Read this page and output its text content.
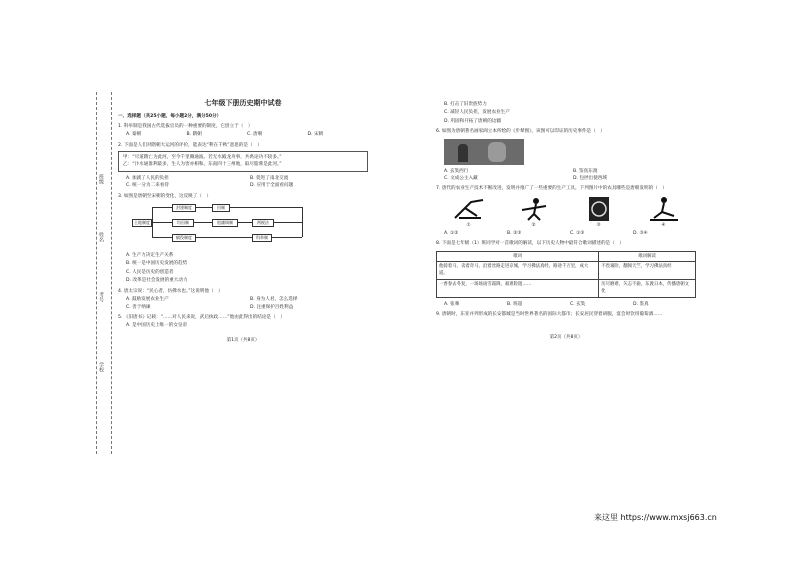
班级
姓名
考号
学校
七年级下册历史期中试卷
一、选择题（共25小题，每小题2分，满分50分）
1. 科举制是我国古代选拔官员的一种重要的制度，它创立于（　）
A. 秦朝	B. 隋朝	C. 唐朝	D. 宋朝
2. 下面是人们对隋朝大运河的评价，能表达“利在千秋”意思的是（　）
甲：“尽道隋亡为此河，至今千里赖通波。若无水殿龙舟事，共禹论功不较多。”
乙：“汴水通淮利最多，生人为害亦相和。东南四十三州地，取尽脂膏是此河。”
A. 加剧了人民的负担	B. 促进了南北交流
C. 统一分为二来看待	D. 应用于全面看问题
3. 如图是唐朝至宋朝的变化，这反映了（　）
土地制度
封建制度	田制
均田制	租庸调制	两税法
赋役制度	科举制
A. 生产力决定生产关系
B. 统一是中国历史发展的趋势
C. 人民是历史的创造者
D. 改革是社会发展的重大动力
4. 唐太宗说：“民心者，仿佛水也。”这说明他（　）
A. 鼓励发展农业生产	B. 身为人君，怎么选择
C. 善于纳谏	D. 注重保护百姓利益
5. 《旧唐书》记载：“……对人民来说，武后执政……”他由此得出的结论是（　）
A. 是中国历史上唯一的女皇帝
第1页（共8页）
B. 打击了旧贵族势力
C. 减轻人民负担，发展农业生产
D. 巩固和开拓了唐朝的边疆
6. 如图为唐朝著名画家阎立本所绘的《步辇图》，该图可以印证的历史事件是（　）
A. 玄奘西行	B. 鉴真东渡
C. 文成公主入藏	D. 包拯出使西域
7. 唐代的农业生产技术不断改进，发明并推广了一些重要的生产工具，下列图片中的农具哪些是唐朝发明的（　）
①	②	③	④
A. ①②	B. ②③	C. ①③	D. ③④
8. 下面是七年级（1）班同学对一首歌词的解读，以下历史人物中最符合歌词描述的是（　）
歌词	歌词解读
他骑着马，卖着奇马，沿着丝路走进京城，学习佛法真经，路途千万里，成大道。	不畏艰险，翻阅天竺，学习佛法真经
一香春去冬复，一场场雨雪霜降，艰难险阻……	历尽磨难，矢志不渝，东渡日本，传播唐朝文化
A. 张骞	B. 班超	C. 玄奘	D. 鉴真
9. 唐朝时，东亚并列形成的长安都城是当时世界著名的国际大都市；长安居民穿着胡服，宴会时饮用葡萄酒……
第2页（共8页）
来这里 https://www.mxsj663.cn
